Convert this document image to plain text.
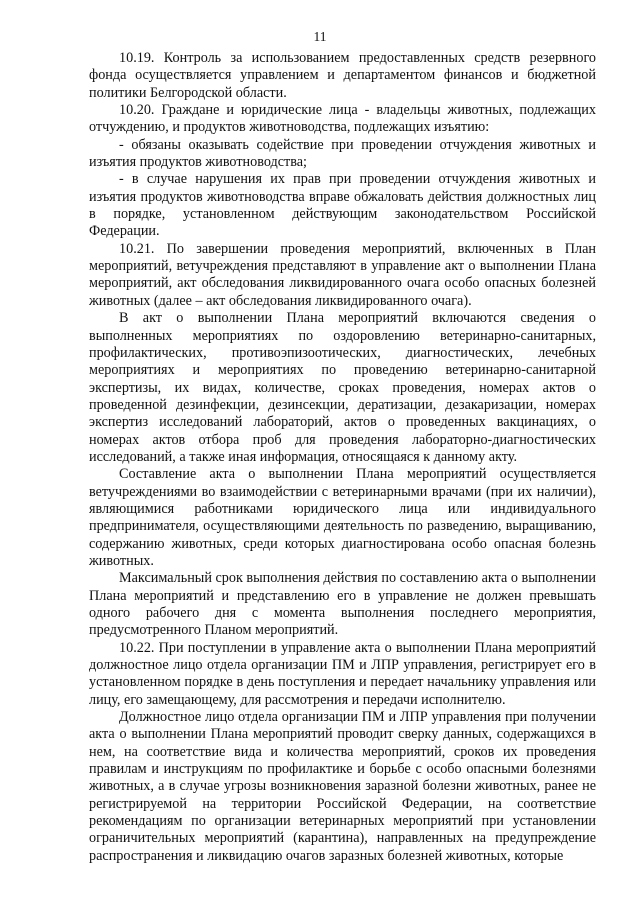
11

10.19. Контроль за использованием предоставленных средств резервного фонда осуществляется управлением и департаментом финансов и бюджетной политики Белгородской области.

10.20. Граждане и юридические лица - владельцы животных, подлежащих отчуждению, и продуктов животноводства, подлежащих изъятию:

- обязаны оказывать содействие при проведении отчуждения животных и изъятия продуктов животноводства;

- в случае нарушения их прав при проведении отчуждения животных и изъятия продуктов животноводства вправе обжаловать действия должностных лиц в порядке, установленном действующим законодательством Российской Федерации.

10.21. По завершении проведения мероприятий, включенных в План мероприятий, ветучреждения представляют в управление акт о выполнении Плана мероприятий, акт обследования ликвидированного очага особо опасных болезней животных (далее – акт обследования ликвидированного очага).

В акт о выполнении Плана мероприятий включаются сведения о выполненных мероприятиях по оздоровлению ветеринарно-санитарных, профилактических, противоэпизоотических, диагностических, лечебных мероприятиях и мероприятиях по проведению ветеринарно-санитарной экспертизы, их видах, количестве, сроках проведения, номерах актов о проведенной дезинфекции, дезинсекции, дератизации, дезакаризации, номерах экспертиз исследований лабораторий, актов о проведенных вакцинациях, о номерах актов отбора проб для проведения лабораторно-диагностических исследований, а также иная информация, относящаяся к данному акту.

Составление акта о выполнении Плана мероприятий осуществляется ветучреждениями во взаимодействии с ветеринарными врачами (при их наличии), являющимися работниками юридического лица или индивидуального предпринимателя, осуществляющими деятельность по разведению, выращиванию, содержанию животных, среди которых диагностирована особо опасная болезнь животных.

Максимальный срок выполнения действия по составлению акта о выполнении Плана мероприятий и представлению его в управление не должен превышать одного рабочего дня с момента выполнения последнего мероприятия, предусмотренного Планом мероприятий.

10.22. При поступлении в управление акта о выполнении Плана мероприятий должностное лицо отдела организации ПМ и ЛПР управления, регистрирует его в установленном порядке в день поступления и передает начальнику управления или лицу, его замещающему, для рассмотрения и передачи исполнителю.

Должностное лицо отдела организации ПМ и ЛПР управления при получении акта о выполнении Плана мероприятий проводит сверку данных, содержащихся в нем, на соответствие вида и количества мероприятий, сроков их проведения правилам и инструкциям по профилактике и борьбе с особо опасными болезнями животных, а в случае угрозы возникновения заразной болезни животных, ранее не регистрируемой на территории Российской Федерации, на соответствие рекомендациям по организации ветеринарных мероприятий при установлении ограничительных мероприятий (карантина), направленных на предупреждение распространения и ликвидацию очагов заразных болезней животных, которые
